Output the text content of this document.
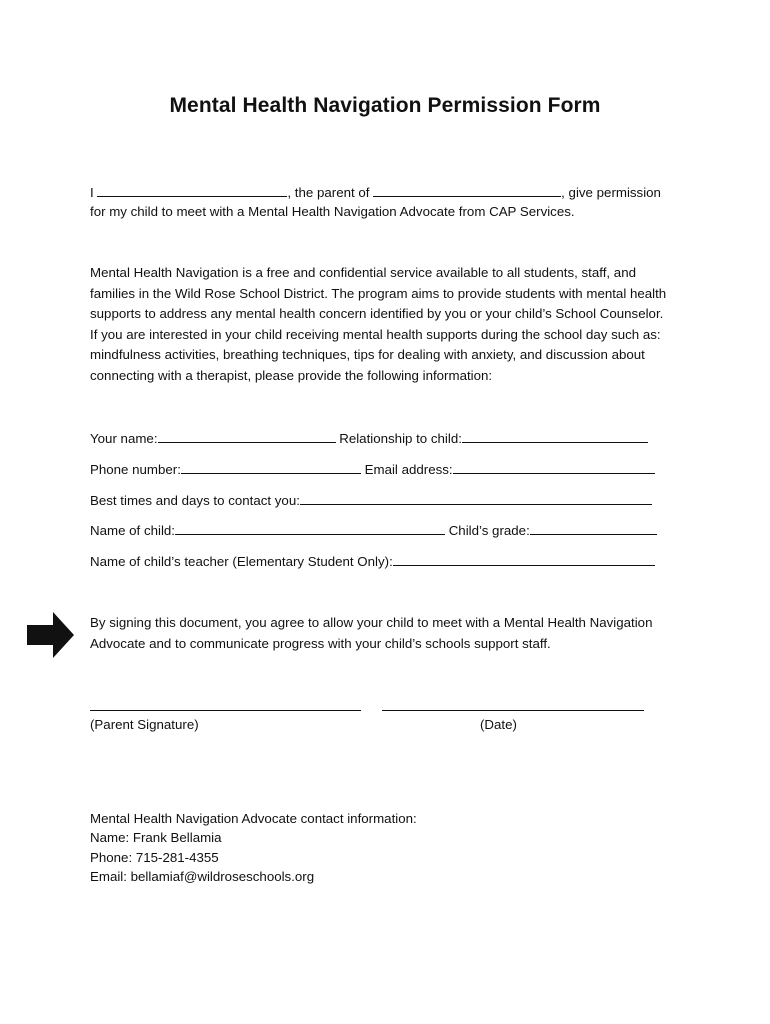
Mental Health Navigation Permission Form
I	, the parent of	, give permission
for my child to meet with a Mental Health Navigation Advocate from CAP Services.
Mental Health Navigation is a free and confidential service available to all students, staff, and families in the Wild Rose School District. The program aims to provide students with mental health supports to address any mental health concern identified by you or your child’s School Counselor. If you are interested in your child receiving mental health supports during the school day such as: mindfulness activities, breathing techniques, tips for dealing with anxiety, and discussion about connecting with a therapist, please provide the following information:
Your name:	Relationship to child:
Phone number:	Email address:
Best times and days to contact you:
Name of child:	Child’s grade:
Name of child’s teacher (Elementary Student Only):
By signing this document, you agree to allow your child to meet with a Mental Health Navigation Advocate and to communicate progress with your child’s schools support staff.
(Parent Signature)	(Date)
Mental Health Navigation Advocate contact information:
Name: Frank Bellamia
Phone: 715-281-4355
Email: bellamiaf@wildroseschools.org
